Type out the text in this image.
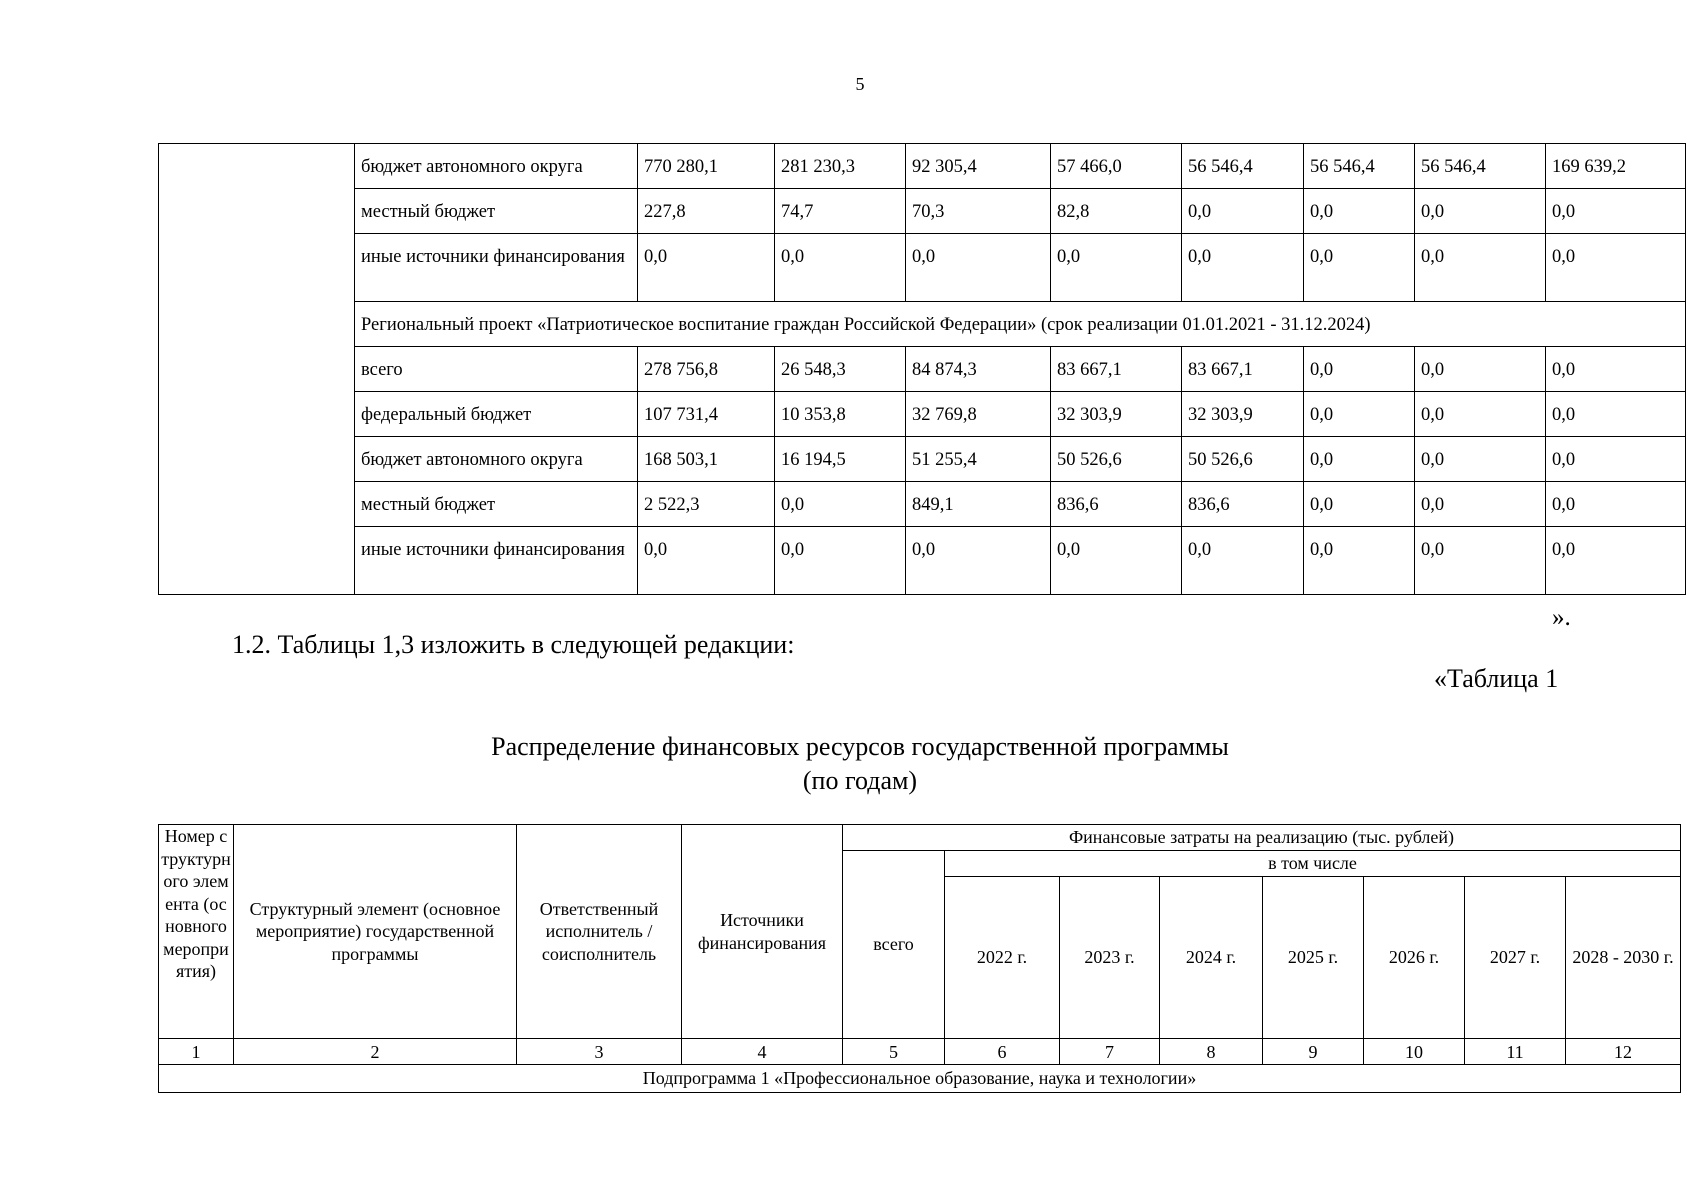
5
	бюджет автономного округа	770 280,1	281 230,3	92 305,4	57 466,0	56 546,4	56 546,4	56 546,4	169 639,2
	местный бюджет	227,8	74,7	70,3	82,8	0,0	0,0	0,0	0,0
	иные источники финансирования	0,0	0,0	0,0	0,0	0,0	0,0	0,0	0,0
	Региональный проект «Патриотическое воспитание граждан Российской Федерации» (срок реализации 01.01.2021 - 31.12.2024)								
	всего	278 756,8	26 548,3	84 874,3	83 667,1	83 667,1	0,0	0,0	0,0
	федеральный бюджет	107 731,4	10 353,8	32 769,8	32 303,9	32 303,9	0,0	0,0	0,0
	бюджет автономного округа	168 503,1	16 194,5	51 255,4	50 526,6	50 526,6	0,0	0,0	0,0
	местный бюджет	2 522,3	0,0	849,1	836,6	836,6	0,0	0,0	0,0
	иные источники финансирования	0,0	0,0	0,0	0,0	0,0	0,0	0,0	0,0
».
1.2. Таблицы 1,3 изложить в следующей редакции:
«Таблица 1
Распределение финансовых ресурсов государственной программы
(по годам)
Номер структурного элемента (основного мероприятия)	Структурный элемент (основное мероприятие) государственной программы	Ответственный исполнитель / соисполнитель	Источники финансирования	Финансовые затраты на реализацию (тыс. рублей)							
				всего	в том числе						
					2022 г.	2023 г.	2024 г.	2025 г.	2026 г.	2027 г.	2028 - 2030 г.
1	2	3	4	5	6	7	8	9	10	11	12
Подпрограмма 1 «Профессиональное образование, наука и технологии»											
